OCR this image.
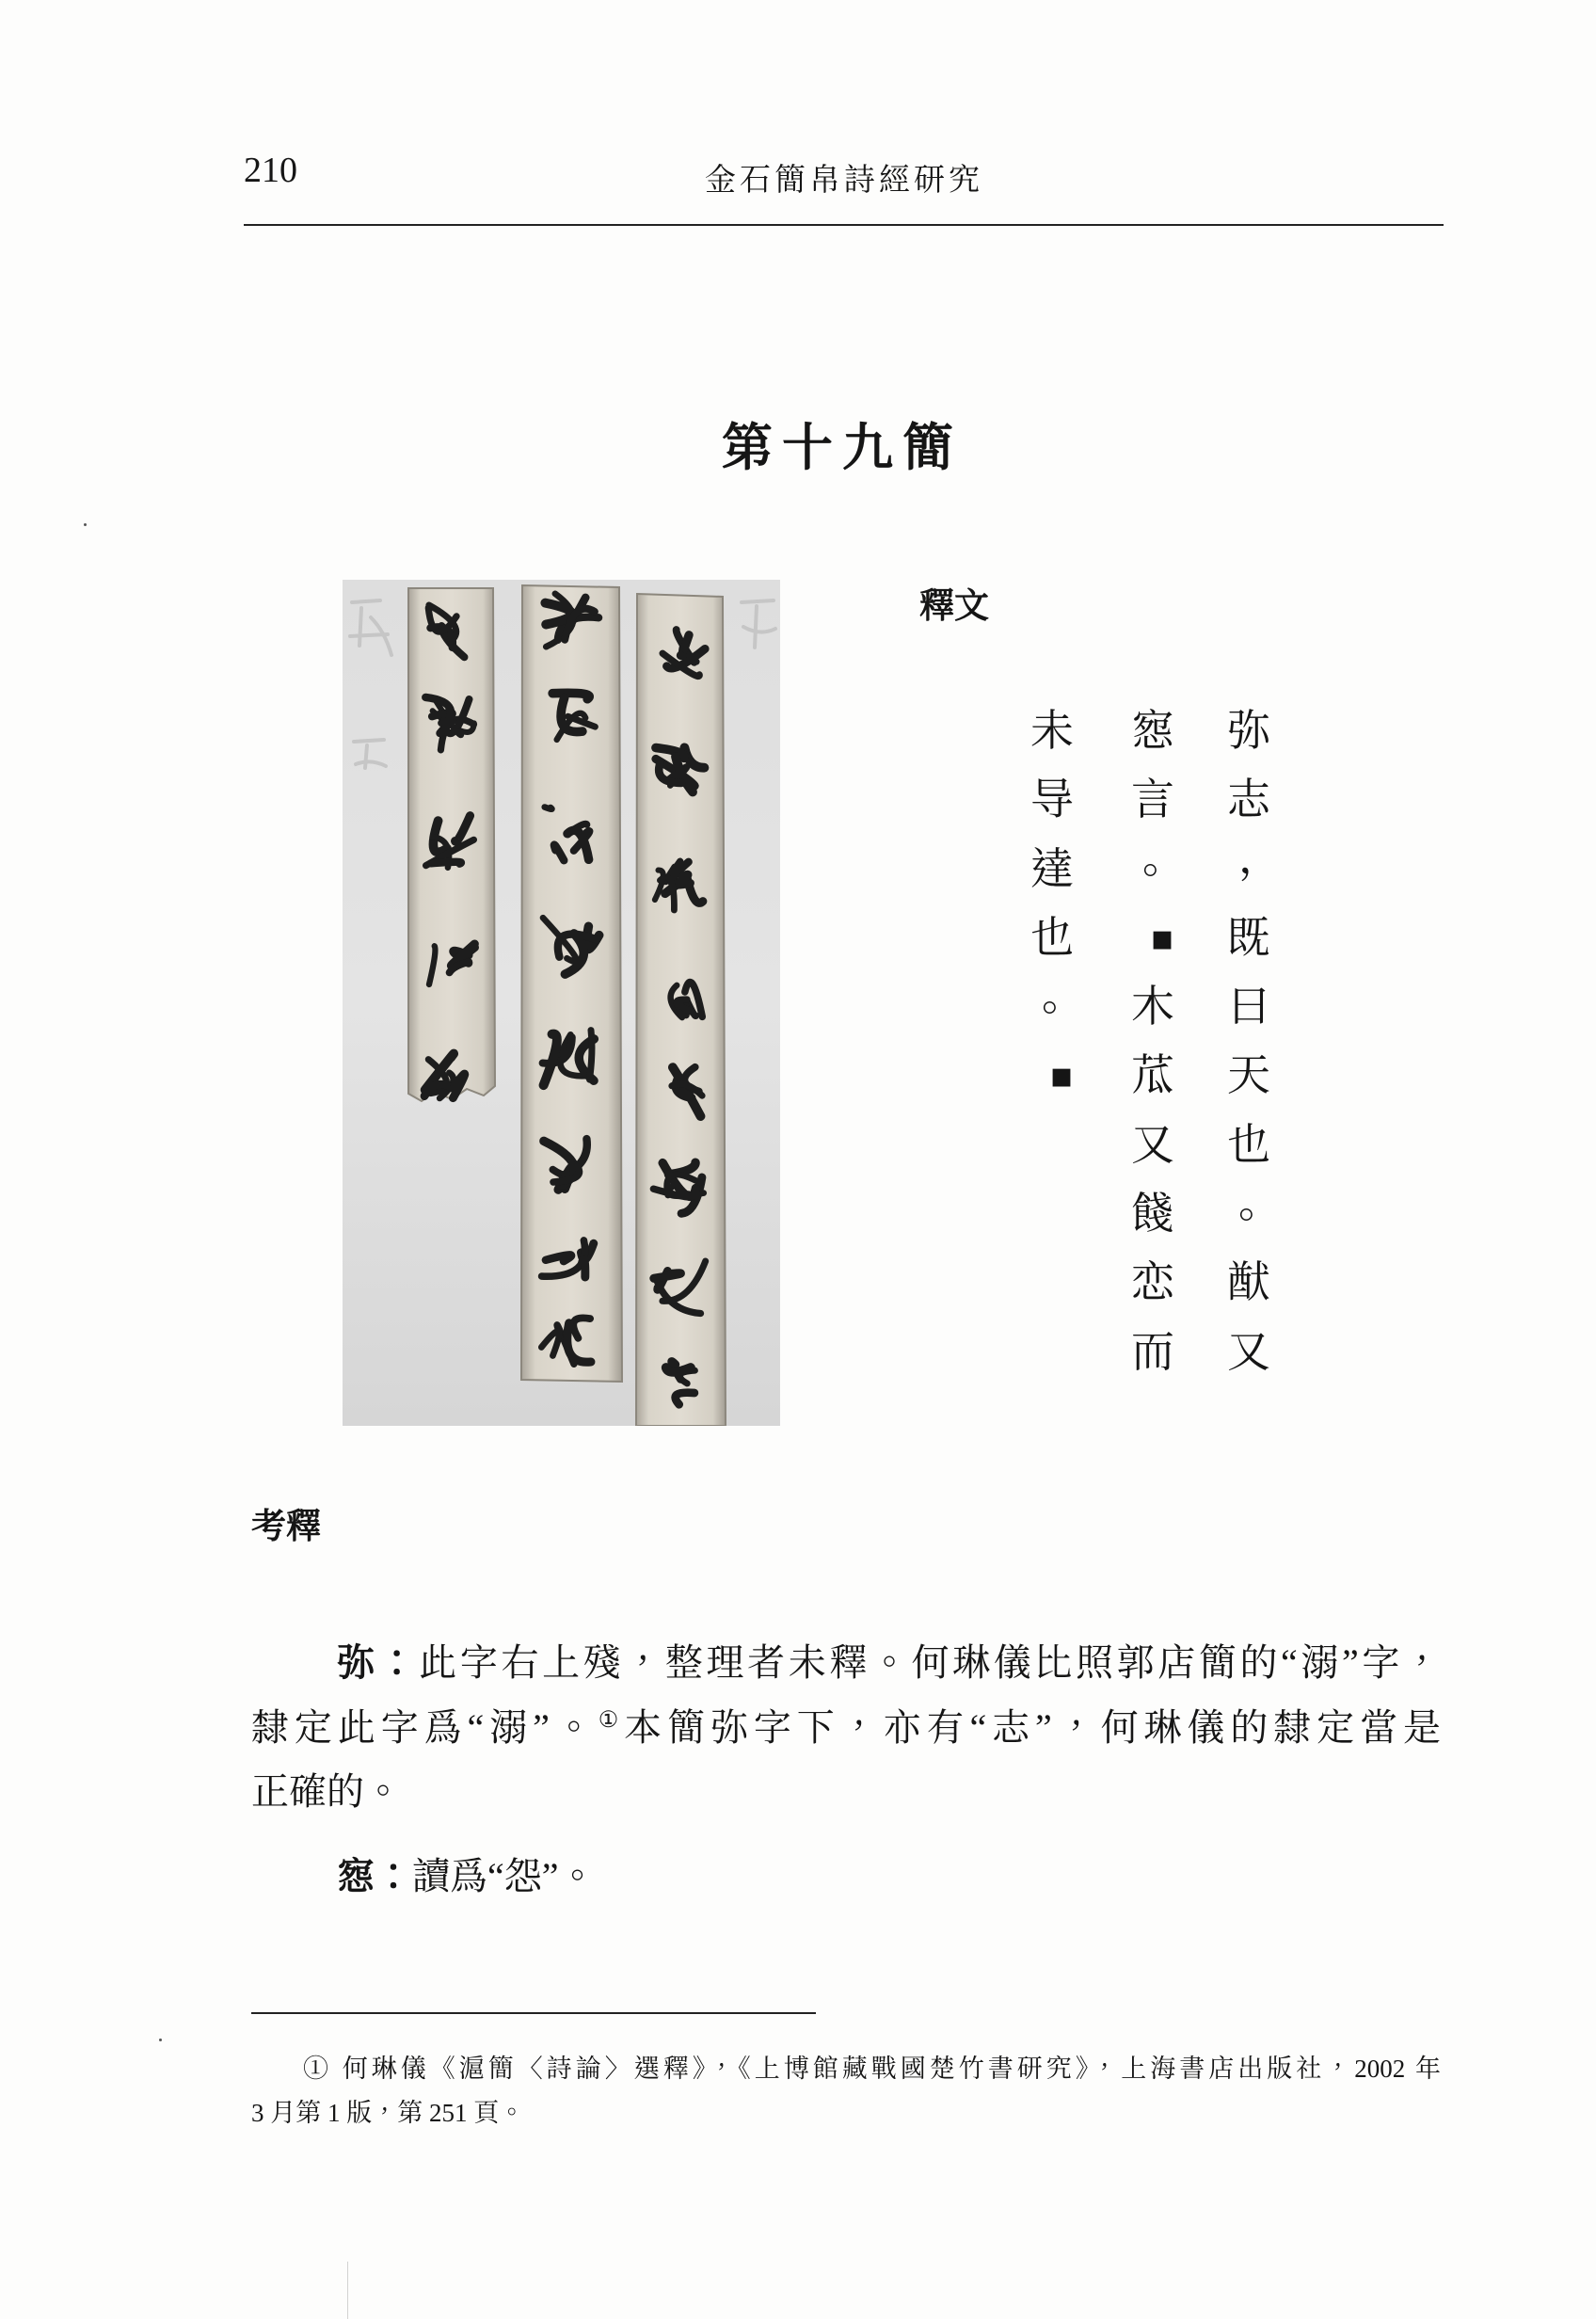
210	金石簡帛詩經研究
第十九簡
釋文
弥
志
，
既
曰
天
也
。
猷
又
惌
言
。
▪
木
苽
又
餞
恋
而
未
导
達
也
。
▪
考釋
弥：此字右上殘，整理者未釋。何琳儀比照郭店簡的“溺”字，
隸定此字爲“溺”。①本簡弥字下，亦有“志”，何琳儀的隸定當是
正確的。
惌：讀爲“怨”。
① 何琳儀《滬簡〈詩論〉選釋》，《上博館藏戰國楚竹書研究》，上海書店出版社，2002 年
3 月第 1 版，第 251 頁。
